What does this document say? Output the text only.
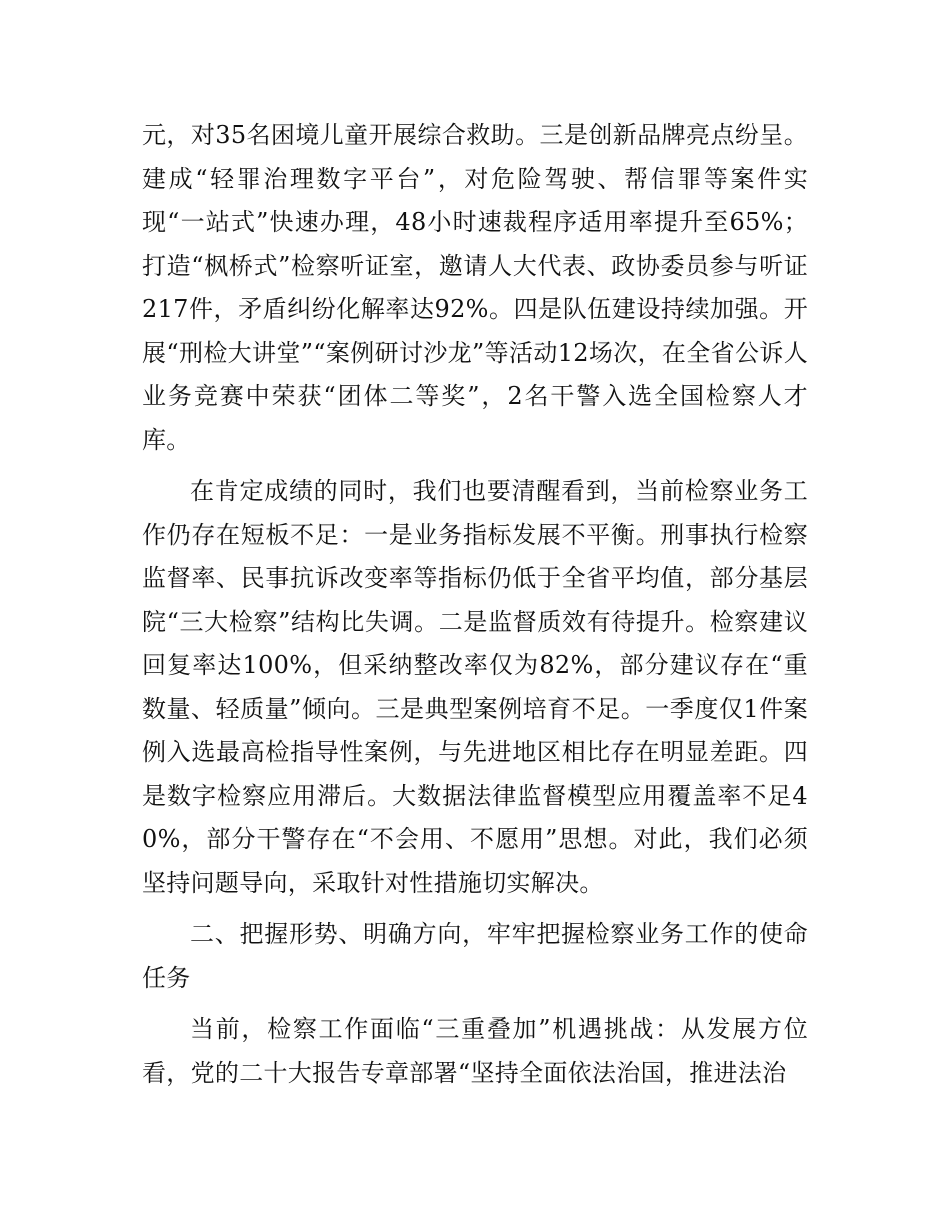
元，对35名困境儿童开展综合救助。三是创新品牌亮点纷呈。建成“轻罪治理数字平台”，对危险驾驶、帮信罪等案件实现“一站式”快速办理，48小时速裁程序适用率提升至65%；打造“枫桥式”检察听证室，邀请人大代表、政协委员参与听证217件，矛盾纠纷化解率达92%。四是队伍建设持续加强。开展“刑检大讲堂”“案例研讨沙龙”等活动12场次，在全省公诉人业务竞赛中荣获“团体二等奖”，2名干警入选全国检察人才库。

在肯定成绩的同时，我们也要清醒看到，当前检察业务工作仍存在短板不足：一是业务指标发展不平衡。刑事执行检察监督率、民事抗诉改变率等指标仍低于全省平均值，部分基层院“三大检察”结构比失调。二是监督质效有待提升。检察建议回复率达100%，但采纳整改率仅为82%，部分建议存在“重数量、轻质量”倾向。三是典型案例培育不足。一季度仅1件案例入选最高检指导性案例，与先进地区相比存在明显差距。四是数字检察应用滞后。大数据法律监督模型应用覆盖率不足40%，部分干警存在“不会用、不愿用”思想。对此，我们必须坚持问题导向，采取针对性措施切实解决。

二、把握形势、明确方向，牢牢把握检察业务工作的使命任务

当前，检察工作面临“三重叠加”机遇挑战：从发展方位看，党的二十大报告专章部署“坚持全面依法治国，推进法治
